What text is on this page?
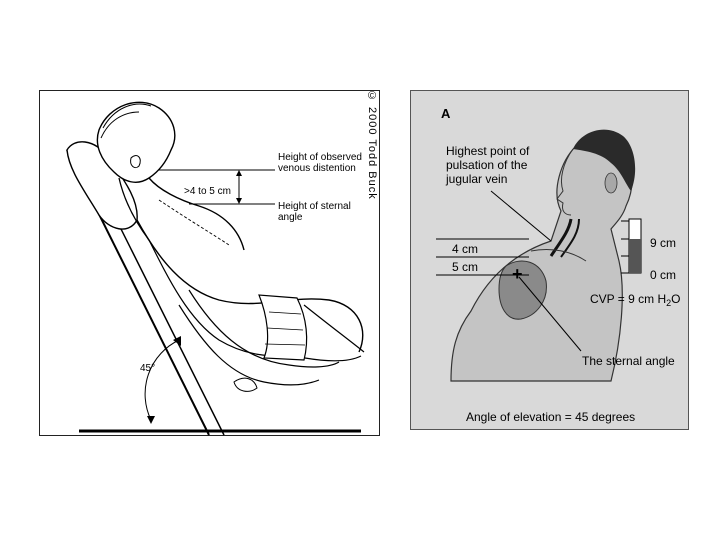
© 2000 Todd Buck
Height of observed
venous distention
>4 to 5 cm
Height of sternal
angle
45°
A
Highest point of
pulsation of the
jugular vein
4 cm
5 cm
9 cm
0 cm
CVP = 9 cm $H_2O$
The sternal angle
Angle of elevation = 45 degrees
+
